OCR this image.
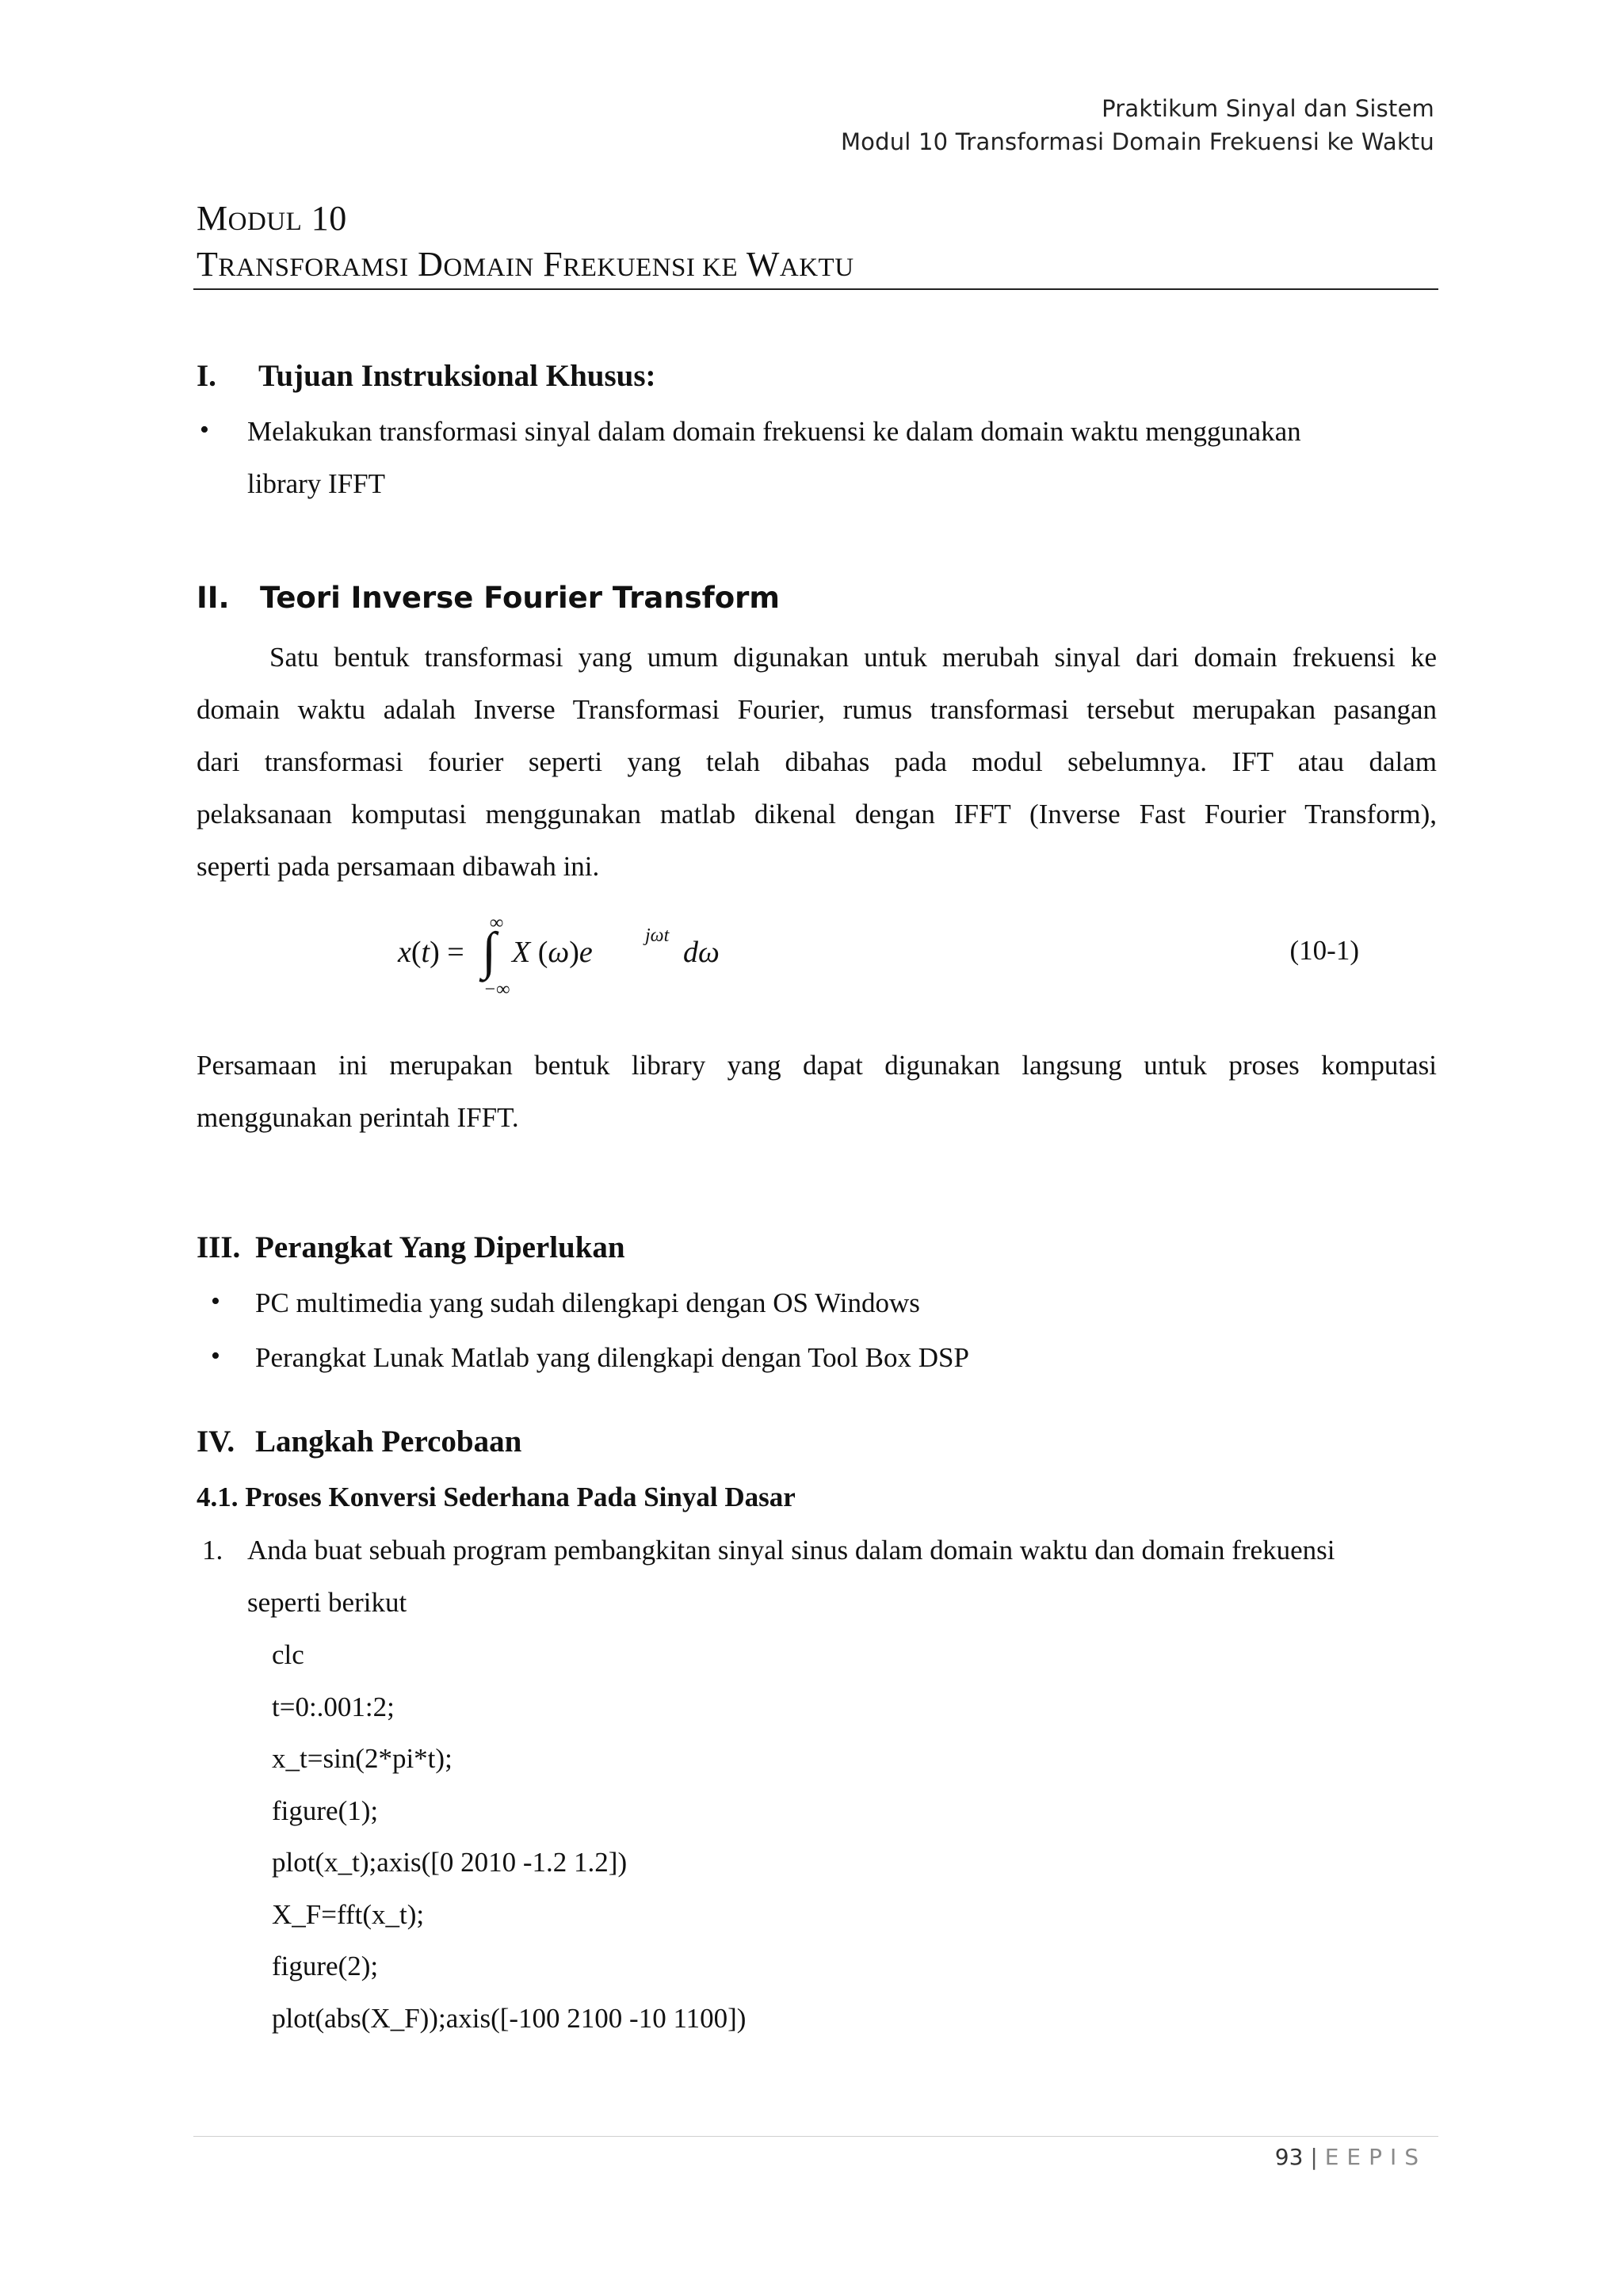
Praktikum Sinyal dan Sistem
Modul 10 Transformasi Domain Frekuensi ke Waktu
MODUL 10
TRANSFORAMSI DOMAIN FREKUENSI KE WAKTU
I. Tujuan Instruksional Khusus:
• Melakukan transformasi sinyal dalam domain frekuensi ke dalam domain waktu menggunakan
library IFFT
II. Teori Inverse Fourier Transform
Satu bentuk transformasi yang umum digunakan untuk merubah sinyal dari domain frekuensi ke
domain waktu adalah Inverse Transformasi Fourier, rumus transformasi tersebut merupakan pasangan
dari transformasi fourier seperti yang telah dibahas pada modul sebelumnya. IFT atau dalam
pelaksanaan komputasi menggunakan matlab dikenal dengan IFFT (Inverse Fast Fourier Transform),
seperti pada persamaan dibawah ini.
x(t) =
∞
∫
−∞
X (ω)e	jωt dω	(10-1)
Persamaan ini merupakan bentuk library yang dapat digunakan langsung untuk proses komputasi
menggunakan perintah IFFT.
III. Perangkat Yang Diperlukan
• PC multimedia yang sudah dilengkapi dengan OS Windows
• Perangkat Lunak Matlab yang dilengkapi dengan Tool Box DSP
IV. Langkah Percobaan
4.1. Proses Konversi Sederhana Pada Sinyal Dasar
1. Anda buat sebuah program pembangkitan sinyal sinus dalam domain waktu dan domain frekuensi
seperti berikut
clc
t=0:.001:2;
x_t=sin(2*pi*t);
figure(1);
plot(x_t);axis([0 2010 -1.2 1.2])
X_F=fft(x_t);
figure(2);
plot(abs(X_F));axis([-100 2100 -10 1100])
93 | EEPIS
